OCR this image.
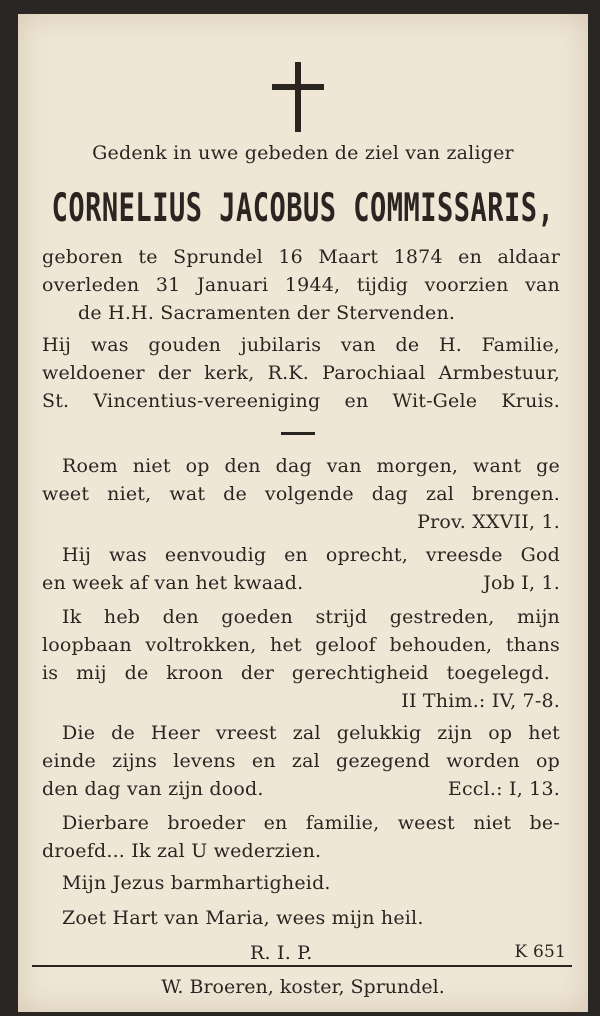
Gedenk in uwe gebeden de ziel van zaliger
CORNELIUS JACOBUS COMMISSARIS,
geboren te Sprundel 16 Maart 1874 en aldaar
overleden 31 Januari 1944, tijdig voorzien van
de H.H. Sacramenten der Stervenden.
Hij was gouden jubilaris van de H. Familie,
weldoener der kerk, R.K. Parochiaal Armbestuur,
St. Vincentius-vereeniging en Wit-Gele Kruis.
Roem niet op den dag van morgen, want ge
weet niet, wat de volgende dag zal brengen.
Prov. XXVII, 1.
Hij was eenvoudig en oprecht, vreesde God
en week af van het kwaad.	Job I, 1.
Ik heb den goeden strijd gestreden, mijn
loopbaan voltrokken, het geloof behouden, thans
is mij de kroon der gerechtigheid toegelegd.
II Thim.: IV, 7-8.
Die de Heer vreest zal gelukkig zijn op het
einde zijns levens en zal gezegend worden op
den dag van zijn dood.	Eccl.: I, 13.
Dierbare broeder en familie, weest niet be-
droefd... Ik zal U wederzien.
Mijn Jezus barmhartigheid.
Zoet Hart van Maria, wees mijn heil.
R. I. P.	K 651
W. Broeren, koster, Sprundel.
